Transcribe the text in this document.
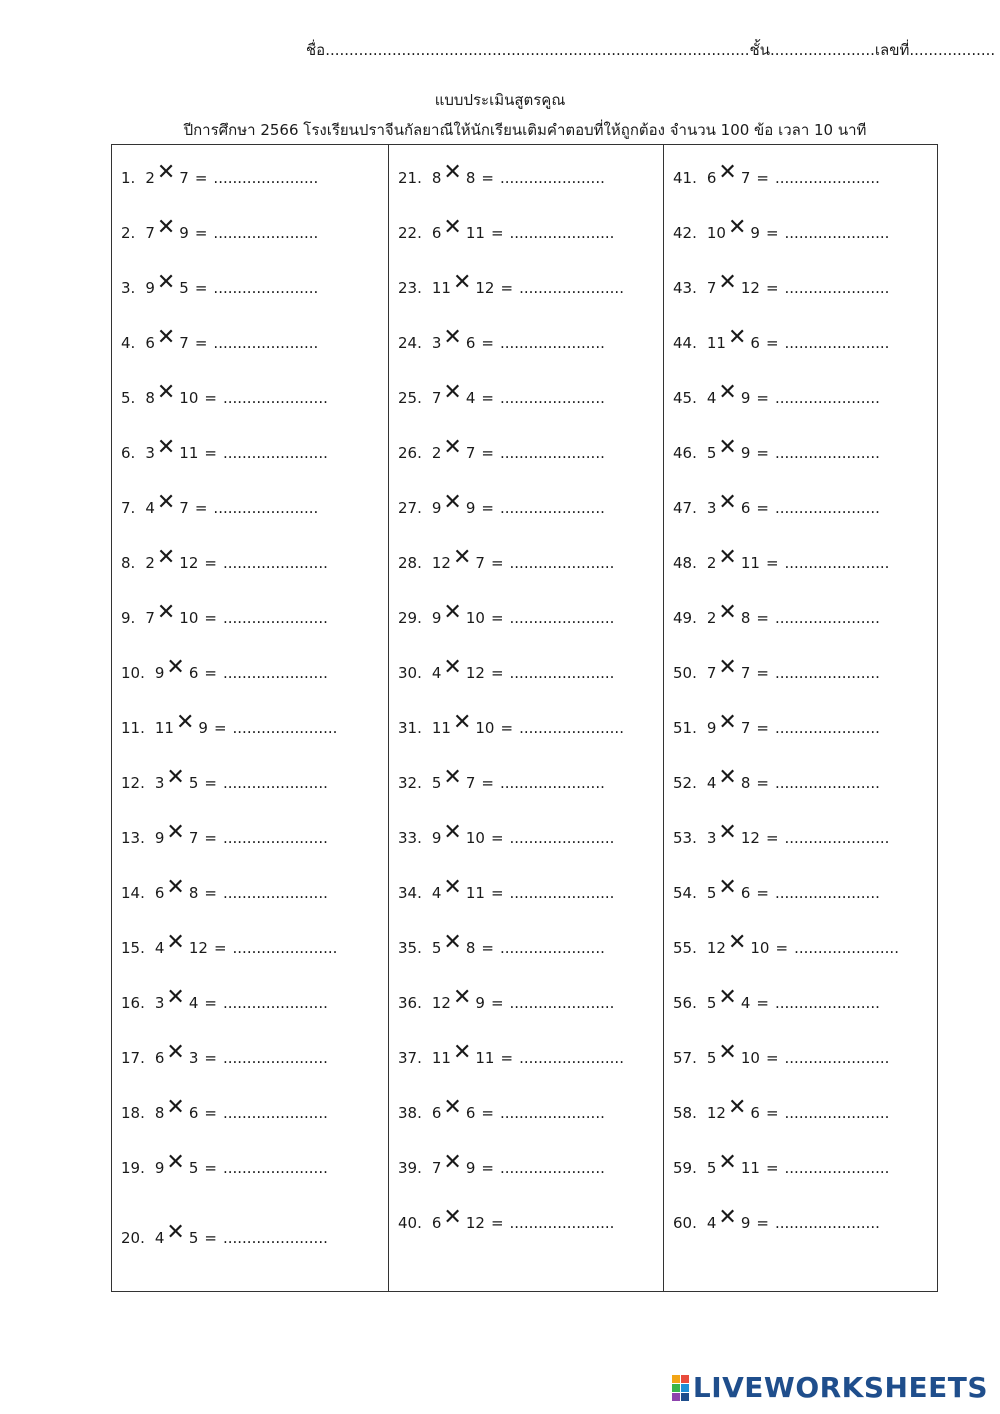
ชื่อ.........................................................................................ชั้น......................เลขที่..................
แบบประเมินสูตรคูณ
ปีการศึกษา 2566 โรงเรียนปราจีนกัลยาณีให้นักเรียนเติมคำตอบที่ให้ถูกต้อง จำนวน 100 ข้อ เวลา 10 นาที
1. 2 ✕ 7 = ......................
2. 7 ✕ 9 = ......................
3. 9 ✕ 5 = ......................
4. 6 ✕ 7 = ......................
5. 8 ✕ 10 = ......................
6. 3 ✕ 11 = ......................
7. 4 ✕ 7 = ......................
8. 2 ✕ 12 = ......................
9. 7 ✕ 10 = ......................
10. 9 ✕ 6 = ......................
11. 11 ✕ 9 = ......................
12. 3 ✕ 5 = ......................
13. 9 ✕ 7 = ......................
14. 6 ✕ 8 = ......................
15. 4 ✕ 12 = ......................
16. 3 ✕ 4 = ......................
17. 6 ✕ 3 = ......................
18. 8 ✕ 6 = ......................
19. 9 ✕ 5 = ......................
20. 4 ✕ 5 = ......................
21. 8 ✕ 8 = ......................
22. 6 ✕ 11 = ......................
23. 11 ✕ 12 = ......................
24. 3 ✕ 6 = ......................
25. 7 ✕ 4 = ......................
26. 2 ✕ 7 = ......................
27. 9 ✕ 9 = ......................
28. 12 ✕ 7 = ......................
29. 9 ✕ 10 = ......................
30. 4 ✕ 12 = ......................
31. 11 ✕ 10 = ......................
32. 5 ✕ 7 = ......................
33. 9 ✕ 10 = ......................
34. 4 ✕ 11 = ......................
35. 5 ✕ 8 = ......................
36. 12 ✕ 9 = ......................
37. 11 ✕ 11 = ......................
38. 6 ✕ 6 = ......................
39. 7 ✕ 9 = ......................
40. 6 ✕ 12 = ......................
41. 6 ✕ 7 = ......................
42. 10 ✕ 9 = ......................
43. 7 ✕ 12 = ......................
44. 11 ✕ 6 = ......................
45. 4 ✕ 9 = ......................
46. 5 ✕ 9 = ......................
47. 3 ✕ 6 = ......................
48. 2 ✕ 11 = ......................
49. 2 ✕ 8 = ......................
50. 7 ✕ 7 = ......................
51. 9 ✕ 7 = ......................
52. 4 ✕ 8 = ......................
53. 3 ✕ 12 = ......................
54. 5 ✕ 6 = ......................
55. 12 ✕ 10 = ......................
56. 5 ✕ 4 = ......................
57. 5 ✕ 10 = ......................
58. 12 ✕ 6 = ......................
59. 5 ✕ 11 = ......................
60. 4 ✕ 9 = ......................
LIVEWORKSHEETS
